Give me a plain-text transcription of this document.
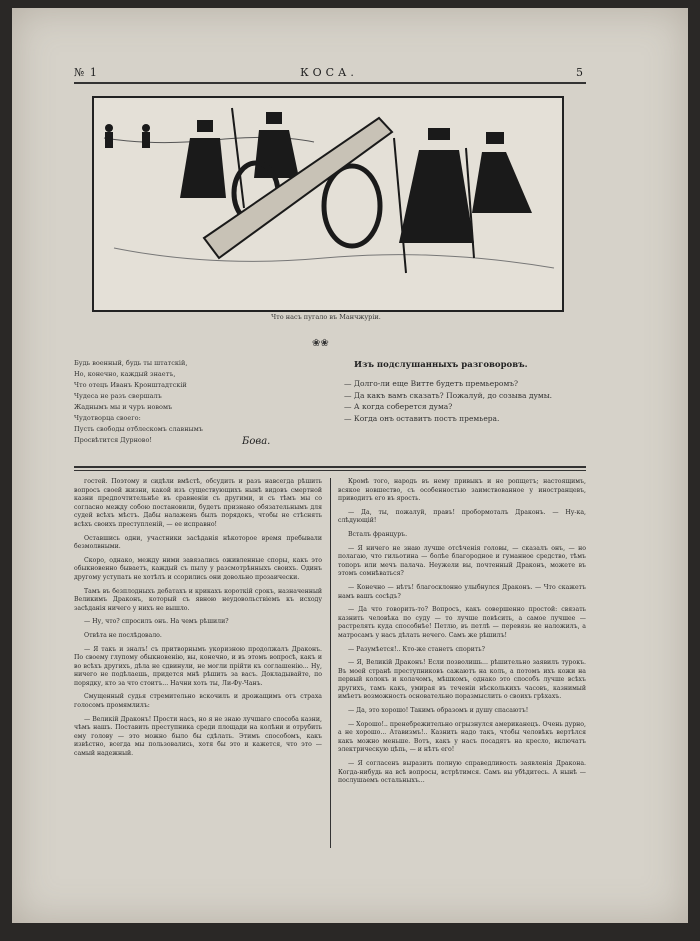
№ 1	КОСА.	5
Что насъ пугало въ Манчжуріи.
❀❀
Будь военный, будь ты штатскій,
Но, конечно, каждый знаетъ,
Что отецъ Иванъ Кронштадтскій
Чудеса не разъ свершалъ
Жаднымъ мы и чуръ новомъ
Чудотворца своего:
Пусть свободы отблескомъ славнымъ
Просвѣтится Дурново!	Бова.
Изъ подслушанныхъ разговоровъ.
— Долго-ли еще Витте будетъ премьеромъ?
— Да какъ вамъ сказать? Пожалуй, до созыва думы.
— А когда соберется дума?
— Когда онъ оставитъ постъ премьера.

гостей. Поэтому и сидѣли вмѣстѣ, обсудить и разъ навсегда рѣшить вопросъ своей жизни, какой изъ существующихъ нынѣ видовъ смертной казни предпочтительнѣе въ сравненіи съ другими, и съ тѣмъ мы со согласно между собою постановили, будетъ признано обязательнымъ для судей всѣхъ мѣстъ. Дабы налаженъ былъ порядокъ, чтобы не стѣснять всѣхъ своихъ преступленій, — ее исправно!

Оставшись одни, участники засѣданія нѣкоторое время пребывали безмолвными.

Скоро, однако, между ними завязались оживленные споры, какъ это обыкновенно бываетъ, каждый съ пылу у разсмотрѣнныхъ своихъ. Одинъ другому уступать не хотѣлъ и ссорились они довольно прозаически.

Тамъ въ безплодныхъ дебатахъ и крикахъ короткій срокъ, назначенный Великимъ Драконъ, который съ явною неудовольствіемъ къ исходу засѣданія ничего у нихъ не вышло.

— Ну, что? спросилъ онъ. На чемъ рѣшили?

Отвѣта не послѣдовало.

— Я такъ и зналъ! съ притворнымъ укоризною продолжалъ Драконъ. По своему глупому обыкновенію, вы, конечно, и въ этомъ вопросѣ, какъ и во всѣхъ другихъ, дѣла не сдвинули, не могли прійти къ соглашенію... Ну, ничего не подѣлаешь, придется мнѣ рѣшить за васъ. Докладывайте, по порядку, кто за что стоитъ... Начни хоть ты, Ли-Фу-Чанъ.

Смущенный судья стремительно вскочилъ и дрожащимъ отъ страха голосомъ промямлилъ:

— Великій Драконъ! Прости насъ, но я не знаю лучшаго способа казни, чѣмъ нашъ. Поставить преступника среди площади на колѣни и отрубить ему голову — это можно было бы сдѣлать. Этимъ способомъ, какъ извѣстно, всегда мы пользовались, хотя бы это и кажется, что это — самый надежный.

Кромѣ того, народъ въ нему привыкъ и не ропщетъ; настоящимъ, всякое новшество, съ особенностью заимствованное у иностранцевъ, приводитъ его въ ярость.

— Да, ты, пожалуй, правъ! пробормоталъ Драконъ. — Ну-ка, слѣдующій!

Всталъ француръ.

— Я ничего не знаю лучше отсѣченія головы, — сказалъ онъ, — но полагаю, что гильотина — болѣе благородное и гуманное средство, тѣмъ топоръ или мечъ палача. Неужели вы, почтенный Драконъ, можете въ этомъ сомнѣваться?

— Конечно — нѣтъ! благосклонно улыбнулся Драконъ. — Что скажетъ намъ вашъ сосѣдъ?

— Да что говорить-то? Вопросъ, какъ совершенно простой: связать казнить человѣка по суду — то лучше повѣсить, а самое лучшее — растрелять куда способнѣе! Петлю, въ петлѣ — перевязь не наложилъ, а матросамъ у насъ дѣлать нечего. Самъ же рѣшилъ!

— Разумѣется!.. Кто-же станетъ спорить?

— Я, Великій Драконъ! Если позволишь... рѣшительно заявилъ турокъ. Въ моей странѣ преступниковъ сажаютъ на колъ, а потомъ ихъ кожи на первый колокъ и колачомъ, мѣшкомъ, однако это способъ лучше всѣхъ другихъ, тамъ какъ, умирая въ теченіи нѣсколькихъ часовъ, казнимый имѣетъ возможность основательно поразмыслить о своихъ грѣхахъ.

— Да, это хорошо! Такимъ образомъ и душу спасаютъ!

— Хорошо!.. пренебрежительно огрызнулся американецъ. Очень дурно, а не хорошо... Атавизмъ!.. Казнить надо такъ, чтобы человѣкъ вертѣлся какъ можно меньше. Вотъ, какъ у насъ посадятъ на кресло, включатъ электрическую цѣпь, — и нѣтъ его!

— Я согласенъ выразить полную справедливость заявленія Дракона. Когда-нибудь на всѣ вопросы, встрѣтимся. Самъ вы убѣдитесь. А нынѣ — послушаемъ остальныхъ...
